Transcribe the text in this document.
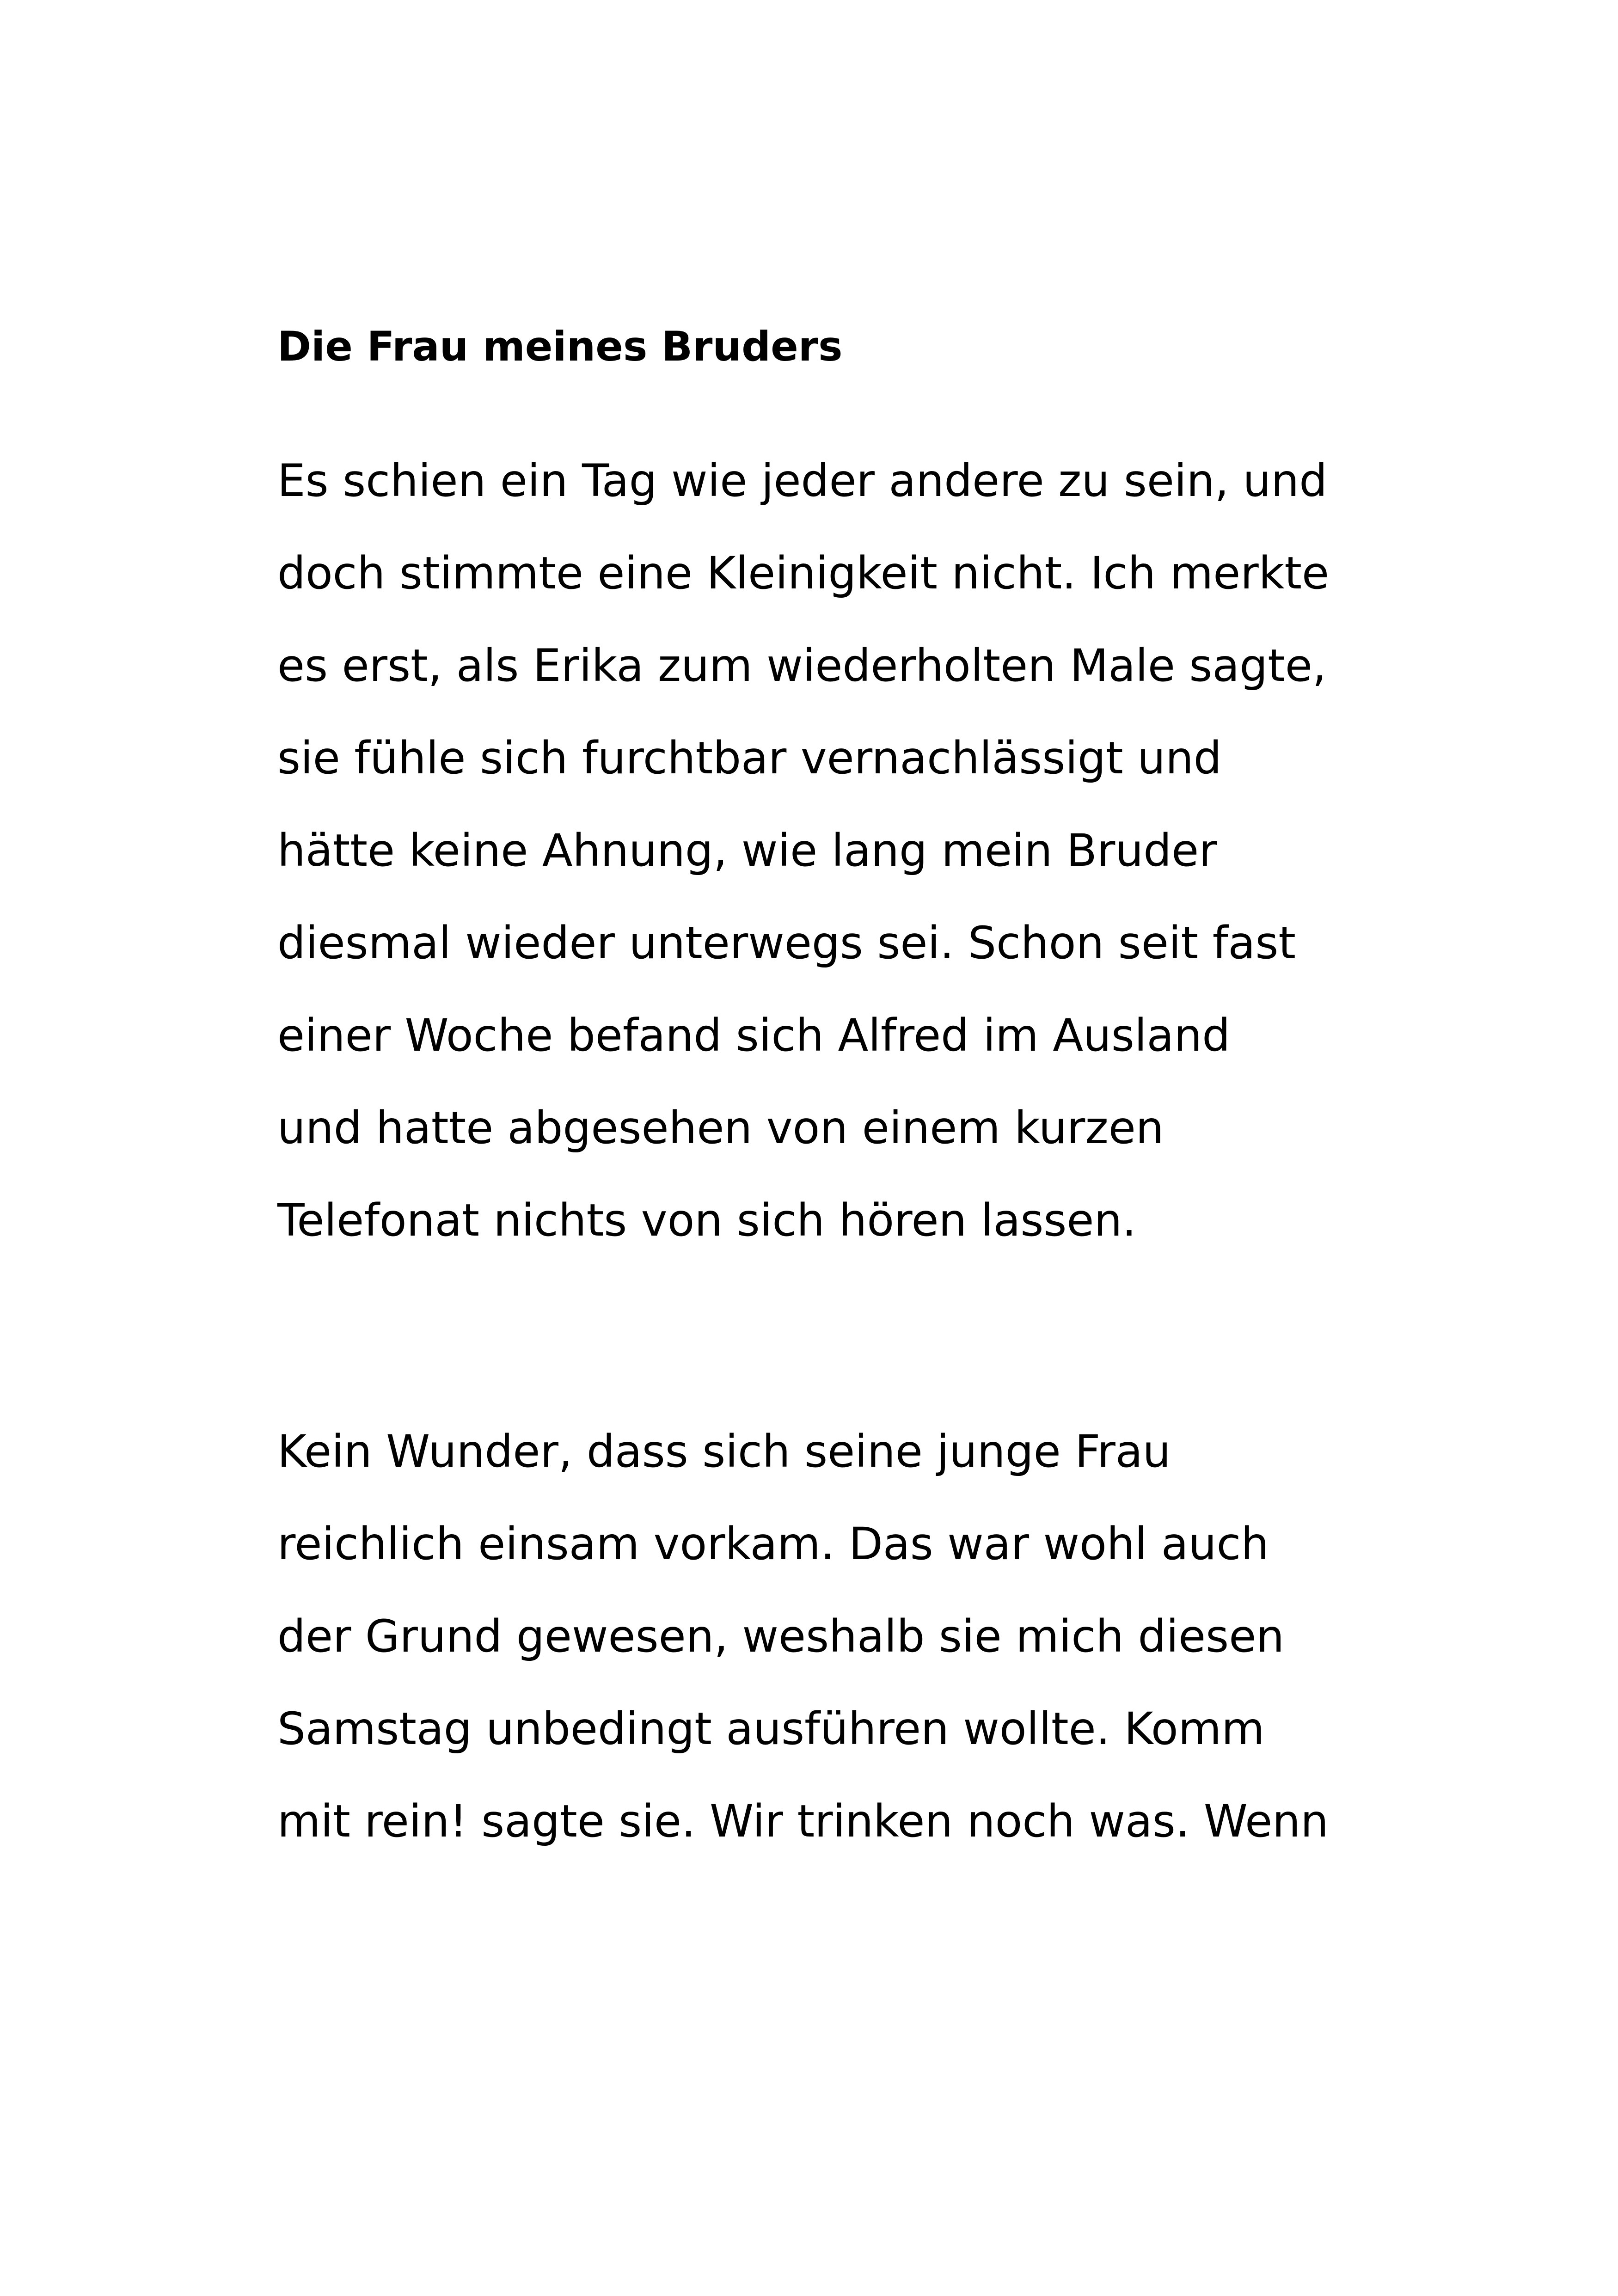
Die Frau meines Bruders

Es schien ein Tag wie jeder andere zu sein, und

doch stimmte eine Kleinigkeit nicht. Ich merkte

es erst, als Erika zum wiederholten Male sagte,

sie fühle sich furchtbar vernachlässigt und

hätte keine Ahnung, wie lang mein Bruder

diesmal wieder unterwegs sei. Schon seit fast

einer Woche befand sich Alfred im Ausland

und hatte abgesehen von einem kurzen

Telefonat nichts von sich hören lassen.

Kein Wunder, dass sich seine junge Frau

reichlich einsam vorkam. Das war wohl auch

der Grund gewesen, weshalb sie mich diesen

Samstag unbedingt ausführen wollte. Komm

mit rein! sagte sie. Wir trinken noch was. Wenn
